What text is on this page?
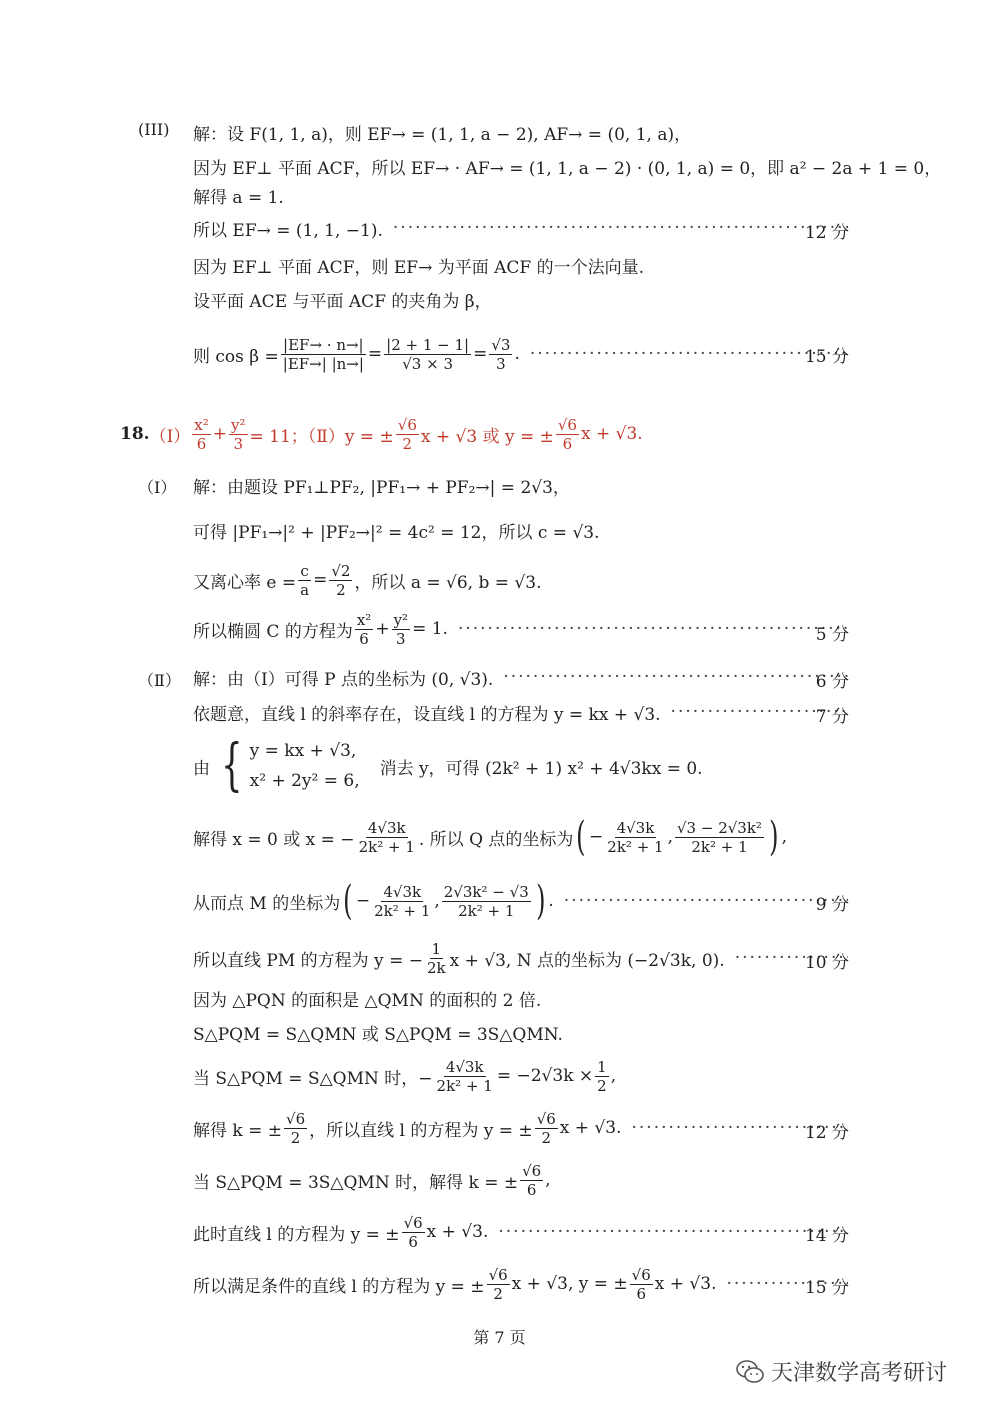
(III) 解：设 F(1, 1, a)，则 EF→ = (1, 1, a − 2), AF→ = (0, 1, a)，
因为 EF⊥ 平面 ACF，所以 EF→ · AF→ = (1, 1, a − 2) · (0, 1, a) = 0，即 a² − 2a + 1 = 0，
解得 a = 1.
所以 EF→ = (1, 1, −1). ·····	12 分
因为 EF⊥ 平面 ACF，则 EF→ 为平面 ACF 的一个法向量.
设平面 ACE 与平面 ACF 的夹角为 β，
则 $\cos \beta = \frac{|EF\to \cdot n\to|}{|EF\to| |n\to|} = \frac{|2 + 1 - 1|}{√3 \times 3} = \frac{√3}{3}$ . ·····	15 分
18. （Ⅰ） $\frac{\text{x²}}{6} + \frac{\text{y²}}{3} = 11$；（Ⅱ）y = ± $\frac{√6}{2}$ x + √3 或 y = ± $\frac{√6}{6}$ x + √3.
（Ⅰ） 解：由题设 PF₁⊥PF₂, |PF₁→ + PF₂→| = 2√3，
可得 |PF₁→|² + |PF₂→|² = 4c² = 12，所以 c = √3.
又离心率 $e = \frac{c}{a} = \frac{√2}{2}$ ，所以 a = √6, b = √3.
所以椭圆 C 的方程为 $\frac{\text{x²}}{6} + \frac{\text{y²}}{3} = 1$. ·····	5 分
（Ⅱ） 解：由（Ⅰ）可得 P 点的坐标为 (0, √3). ·····	6 分
依题意，直线 l 的斜率存在，设直线 l 的方程为 y = kx + √3. ·····	7 分
由 { y = kx + √3,
x² + 2y² = 6,
消去 y，可得 (2k² + 1) x² + 4√3kx = 0.
解得 x = 0 或 x = − $\frac{4√3k}{\text{2k² + 1}}$ . 所以 Q 点的坐标为 ( − $\frac{4√3k}{\text{2k² + 1}}$ , $\frac{\text{√3 − 2√3k²}}{\text{2k² + 1}}$ ) ,
从而点 M 的坐标为 ( − $\frac{4√3k}{\text{2k² + 1}}$ , $\frac{\text{2√3k² − √3}}{\text{2k² + 1}}$ ) . ·····	9 分
所以直线 PM 的方程为 y = − $\frac{1}{2k}$ x + √3, N 点的坐标为 (−2√3k, 0). ·····	10 分
因为 △PQN 的面积是 △QMN 的面积的 2 倍.
S△PQM = S△QMN 或 S△PQM = 3S△QMN.
当 S△PQM = S△QMN 时，− $\frac{4√3k}{\text{2k² + 1}} = -2√3k \times \frac{1}{2}$ ,
解得 k = ± $\frac{√6}{2}$ ，所以直线 l 的方程为 y = ± $\frac{√6}{2}$ x + √3. ·····	12 分
当 S△PQM = 3S△QMN 时，解得 k = ± $\frac{√6}{6}$ ,
此时直线 l 的方程为 y = ± $\frac{√6}{6}$ x + √3. ·····	14 分
所以满足条件的直线 l 的方程为 y = ± $\frac{√6}{2}$ x + √3, y = ± $\frac{√6}{6}$ x + √3. ·····	15 分
第 7 页
天津数学高考研讨
